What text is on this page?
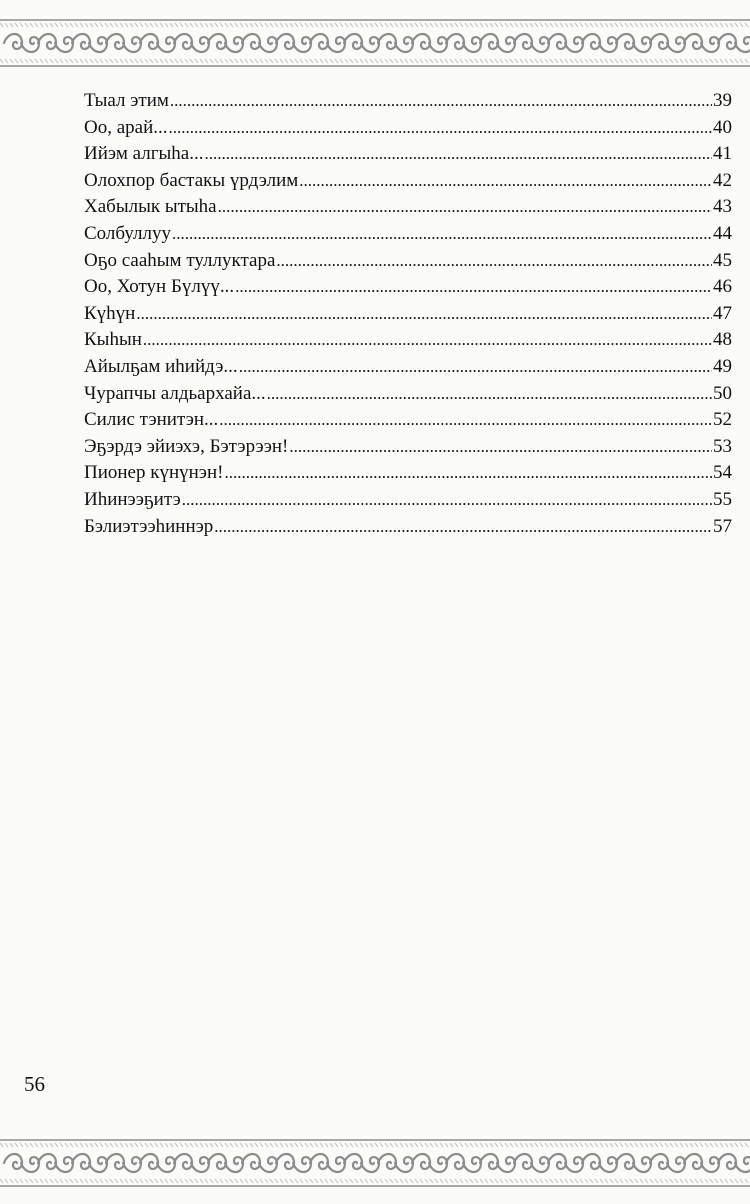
Тыал этим .....	39
Оо, арай... .....	40
Ийэм алгыhа... .....	41
Олохпор бастакы үрдэлим .....	42
Хабылык ытыhа .....	43
Солбуллуу .....	44
Оҕо саaһым туллуктара .....	45
Оо, Хотун Бүлүү... .....	46
Күhүн .....	47
Кыhын .....	48
Айылҕам иhийдэ... .....	49
Чурапчы алдьархайа... .....	50
Силис тэнитэн... .....	52
Эҕэрдэ эйиэхэ, Бэтэрээн! .....	53
Пионер күнүнэн! .....	54
Иhинээҕитэ .....	55
Бэлиэтээhиннэр .....	57

56
